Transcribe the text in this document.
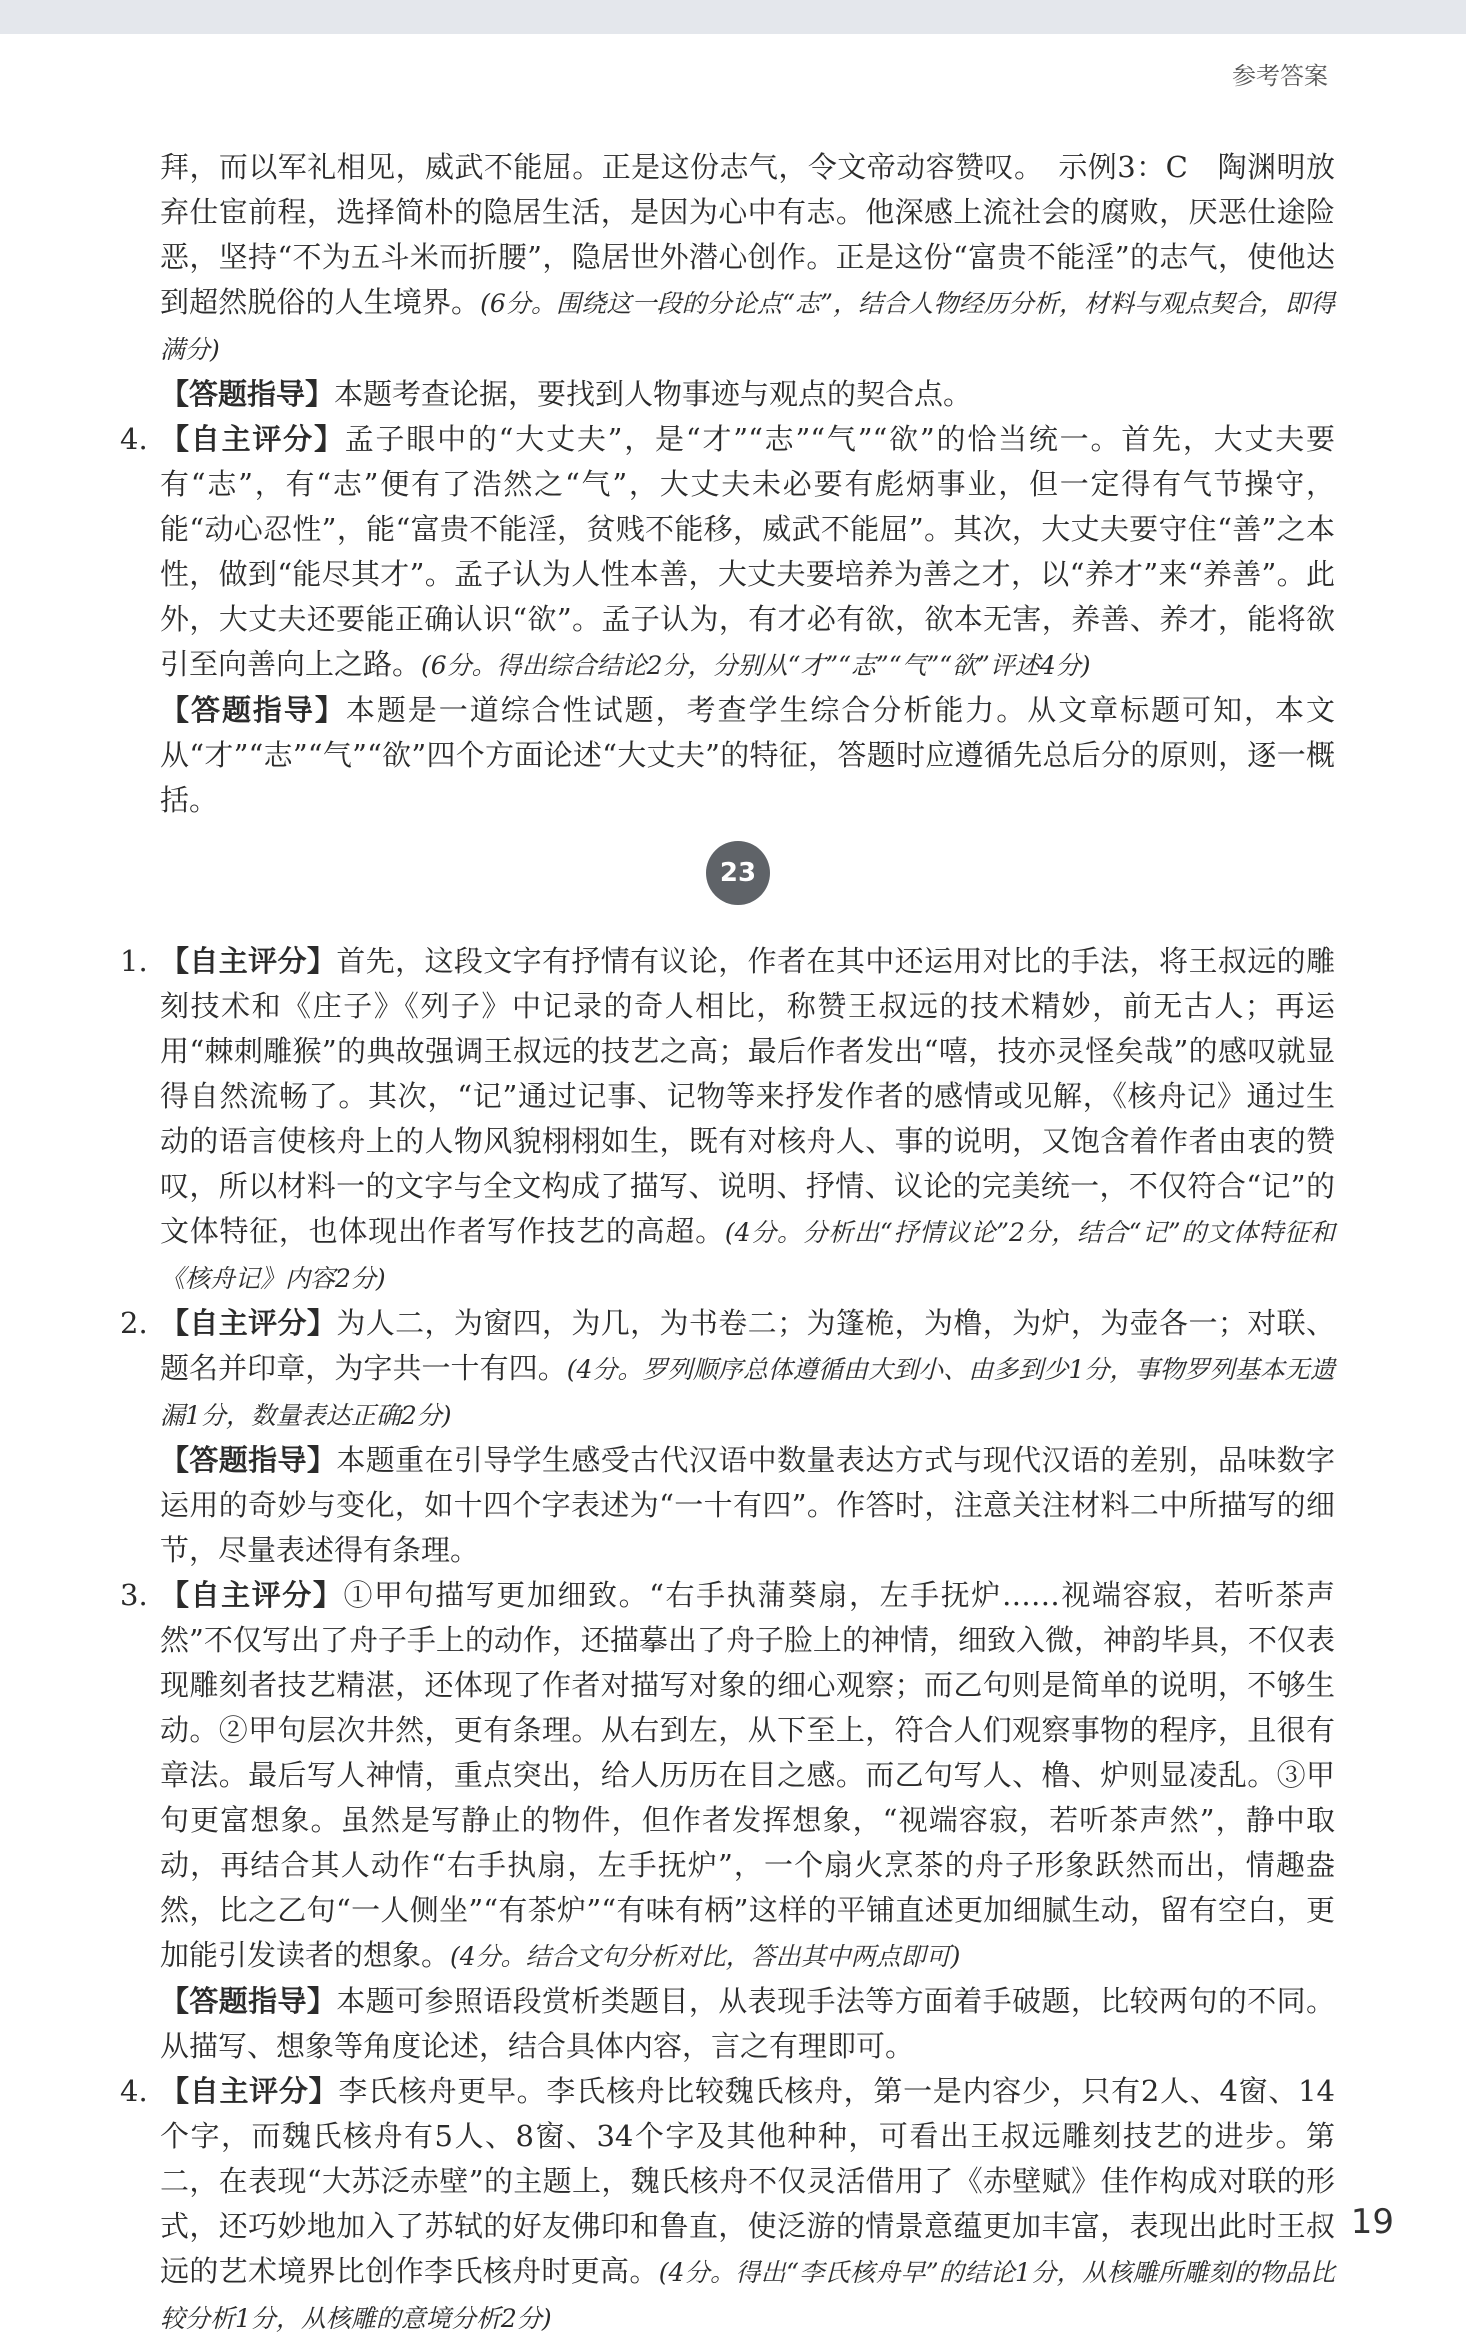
参考答案

拜，而以军礼相见，威武不能屈。正是这份志气，令文帝动容赞叹。　示例3：C　陶渊明放弃仕宦前程，选择简朴的隐居生活，是因为心中有志。他深感上流社会的腐败，厌恶仕途险恶，坚持“不为五斗米而折腰”，隐居世外潜心创作。正是这份“富贵不能淫”的志气，使他达到超然脱俗的人生境界。(6分。围绕这一段的分论点“志”，结合人物经历分析，材料与观点契合，即得满分)

【答题指导】本题考查论据，要找到人物事迹与观点的契合点。

4. 【自主评分】孟子眼中的“大丈夫”，是“才”“志”“气”“欲”的恰当统一。首先，大丈夫要有“志”，有“志”便有了浩然之“气”，大丈夫未必要有彪炳事业，但一定得有气节操守，能“动心忍性”，能“富贵不能淫，贫贱不能移，威武不能屈”。其次，大丈夫要守住“善”之本性，做到“能尽其才”。孟子认为人性本善，大丈夫要培养为善之才，以“养才”来“养善”。此外，大丈夫还要能正确认识“欲”。孟子认为，有才必有欲，欲本无害，养善、养才，能将欲引至向善向上之路。(6分。得出综合结论2分，分别从“才”“志”“气”“欲”评述4分)

【答题指导】本题是一道综合性试题，考查学生综合分析能力。从文章标题可知，本文从“才”“志”“气”“欲”四个方面论述“大丈夫”的特征，答题时应遵循先总后分的原则，逐一概括。

23
1. 【自主评分】首先，这段文字有抒情有议论，作者在其中还运用对比的手法，将王叔远的雕刻技术和《庄子》《列子》中记录的奇人相比，称赞王叔远的技术精妙，前无古人；再运用“棘刺雕猴”的典故强调王叔远的技艺之高；最后作者发出“嘻，技亦灵怪矣哉”的感叹就显得自然流畅了。其次，“记”通过记事、记物等来抒发作者的感情或见解，《核舟记》通过生动的语言使核舟上的人物风貌栩栩如生，既有对核舟人、事的说明，又饱含着作者由衷的赞叹，所以材料一的文字与全文构成了描写、说明、抒情、议论的完美统一，不仅符合“记”的文体特征，也体现出作者写作技艺的高超。(4分。分析出“抒情议论”2分，结合“记”的文体特征和《核舟记》内容2分)

2. 【自主评分】为人二，为窗四，为几，为书卷二；为篷桅，为橹，为炉，为壶各一；对联、题名并印章，为字共一十有四。(4分。罗列顺序总体遵循由大到小、由多到少1分，事物罗列基本无遗漏1分，数量表达正确2分)

【答题指导】本题重在引导学生感受古代汉语中数量表达方式与现代汉语的差别，品味数字运用的奇妙与变化，如十四个字表述为“一十有四”。作答时，注意关注材料二中所描写的细节，尽量表述得有条理。

3. 【自主评分】①甲句描写更加细致。“右手执蒲葵扇，左手抚炉……视端容寂，若听茶声然”不仅写出了舟子手上的动作，还描摹出了舟子脸上的神情，细致入微，神韵毕具，不仅表现雕刻者技艺精湛，还体现了作者对描写对象的细心观察；而乙句则是简单的说明，不够生动。②甲句层次井然，更有条理。从右到左，从下至上，符合人们观察事物的程序，且很有章法。最后写人神情，重点突出，给人历历在目之感。而乙句写人、橹、炉则显凌乱。③甲句更富想象。虽然是写静止的物件，但作者发挥想象，“视端容寂，若听茶声然”，静中取动，再结合其人动作“右手执扇，左手抚炉”，一个扇火烹茶的舟子形象跃然而出，情趣盎然，比之乙句“一人侧坐”“有茶炉”“有味有柄”这样的平铺直述更加细腻生动，留有空白，更加能引发读者的想象。(4分。结合文句分析对比，答出其中两点即可)

【答题指导】本题可参照语段赏析类题目，从表现手法等方面着手破题，比较两句的不同。从描写、想象等角度论述，结合具体内容，言之有理即可。

4. 【自主评分】李氏核舟更早。李氏核舟比较魏氏核舟，第一是内容少，只有2人、4窗、14个字，而魏氏核舟有5人、8窗、34个字及其他种种，可看出王叔远雕刻技艺的进步。第二，在表现“大苏泛赤壁”的主题上，魏氏核舟不仅灵活借用了《赤壁赋》佳作构成对联的形式，还巧妙地加入了苏轼的好友佛印和鲁直，使泛游的情景意蕴更加丰富，表现出此时王叔远的艺术境界比创作李氏核舟时更高。(4分。得出“李氏核舟早”的结论1分，从核雕所雕刻的物品比较分析1分，从核雕的意境分析2分)

19
